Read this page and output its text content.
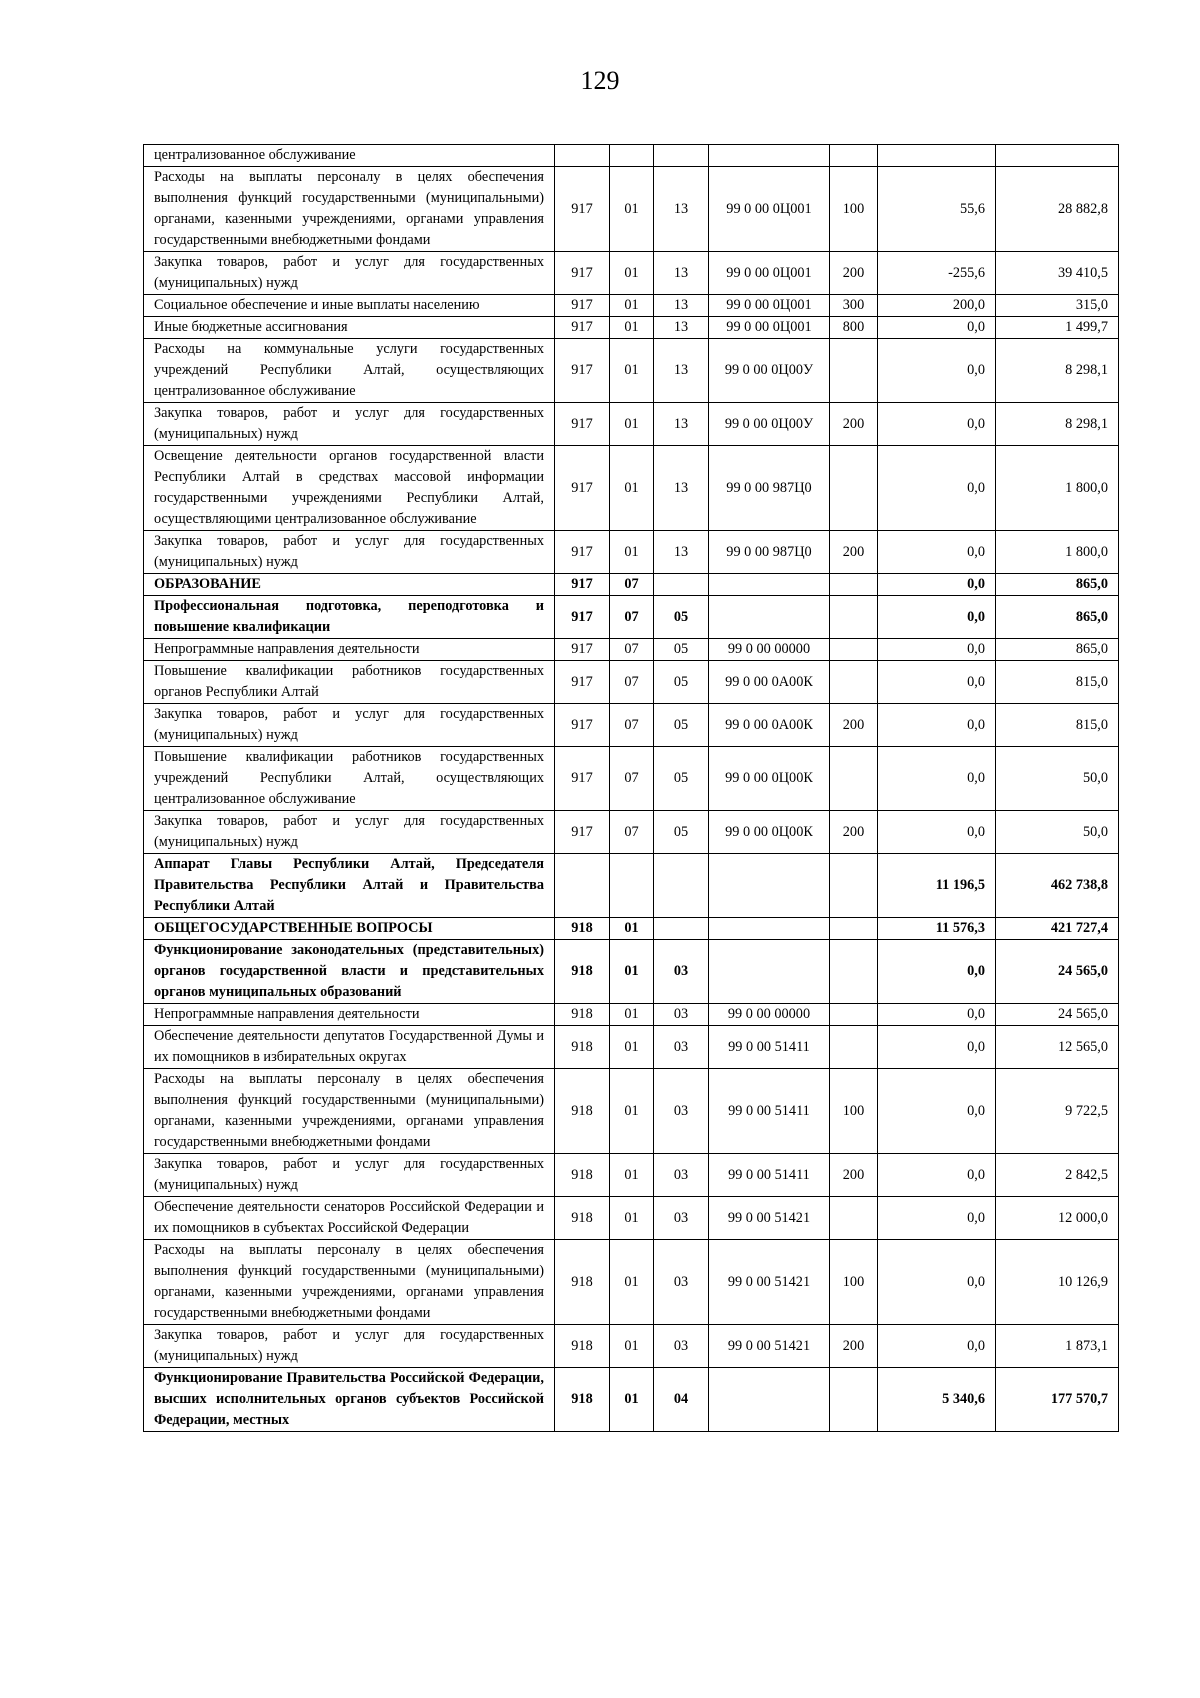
129
централизованное обслуживание							
Расходы на выплаты персоналу в целях обеспечения выполнения функций государственными (муниципальными) органами, казенными учреждениями, органами управления государственными внебюджетными фондами	917	01	13	99 0 00 0Ц001	100	55,6	28 882,8
Закупка товаров, работ и услуг для государственных (муниципальных) нужд	917	01	13	99 0 00 0Ц001	200	-255,6	39 410,5
Социальное обеспечение и иные выплаты населению	917	01	13	99 0 00 0Ц001	300	200,0	315,0
Иные бюджетные ассигнования	917	01	13	99 0 00 0Ц001	800	0,0	1 499,7
Расходы на коммунальные услуги государственных учреждений Республики Алтай, осуществляющих централизованное обслуживание	917	01	13	99 0 00 0Ц00У		0,0	8 298,1
Закупка товаров, работ и услуг для государственных (муниципальных) нужд	917	01	13	99 0 00 0Ц00У	200	0,0	8 298,1
Освещение деятельности органов государственной власти Республики Алтай в средствах массовой информации государственными учреждениями Республики Алтай, осуществляющими централизованное обслуживание	917	01	13	99 0 00 987Ц0		0,0	1 800,0
Закупка товаров, работ и услуг для государственных (муниципальных) нужд	917	01	13	99 0 00 987Ц0	200	0,0	1 800,0
ОБРАЗОВАНИЕ	917	07				0,0	865,0
Профессиональная подготовка, переподготовка и повышение квалификации	917	07	05			0,0	865,0
Непрограммные направления деятельности	917	07	05	99 0 00 00000		0,0	865,0
Повышение квалификации работников государственных органов Республики Алтай	917	07	05	99 0 00 0А00К		0,0	815,0
Закупка товаров, работ и услуг для государственных (муниципальных) нужд	917	07	05	99 0 00 0А00К	200	0,0	815,0
Повышение квалификации работников государственных учреждений Республики Алтай, осуществляющих централизованное обслуживание	917	07	05	99 0 00 0Ц00К		0,0	50,0
Закупка товаров, работ и услуг для государственных (муниципальных) нужд	917	07	05	99 0 00 0Ц00К	200	0,0	50,0
Аппарат Главы Республики Алтай, Председателя Правительства Республики Алтай и Правительства Республики Алтай						11 196,5	462 738,8
ОБЩЕГОСУДАРСТВЕННЫЕ ВОПРОСЫ	918	01				11 576,3	421 727,4
Функционирование законодательных (представительных) органов государственной власти и представительных органов муниципальных образований	918	01	03			0,0	24 565,0
Непрограммные направления деятельности	918	01	03	99 0 00 00000		0,0	24 565,0
Обеспечение деятельности депутатов Государственной Думы и их помощников в избирательных округах	918	01	03	99 0 00 51411		0,0	12 565,0
Расходы на выплаты персоналу в целях обеспечения выполнения функций государственными (муниципальными) органами, казенными учреждениями, органами управления государственными внебюджетными фондами	918	01	03	99 0 00 51411	100	0,0	9 722,5
Закупка товаров, работ и услуг для государственных (муниципальных) нужд	918	01	03	99 0 00 51411	200	0,0	2 842,5
Обеспечение деятельности сенаторов Российской Федерации и их помощников в субъектах Российской Федерации	918	01	03	99 0 00 51421		0,0	12 000,0
Расходы на выплаты персоналу в целях обеспечения выполнения функций государственными (муниципальными) органами, казенными учреждениями, органами управления государственными внебюджетными фондами	918	01	03	99 0 00 51421	100	0,0	10 126,9
Закупка товаров, работ и услуг для государственных (муниципальных) нужд	918	01	03	99 0 00 51421	200	0,0	1 873,1
Функционирование Правительства Российской Федерации, высших исполнительных органов субъектов Российской Федерации, местных	918	01	04			5 340,6	177 570,7
